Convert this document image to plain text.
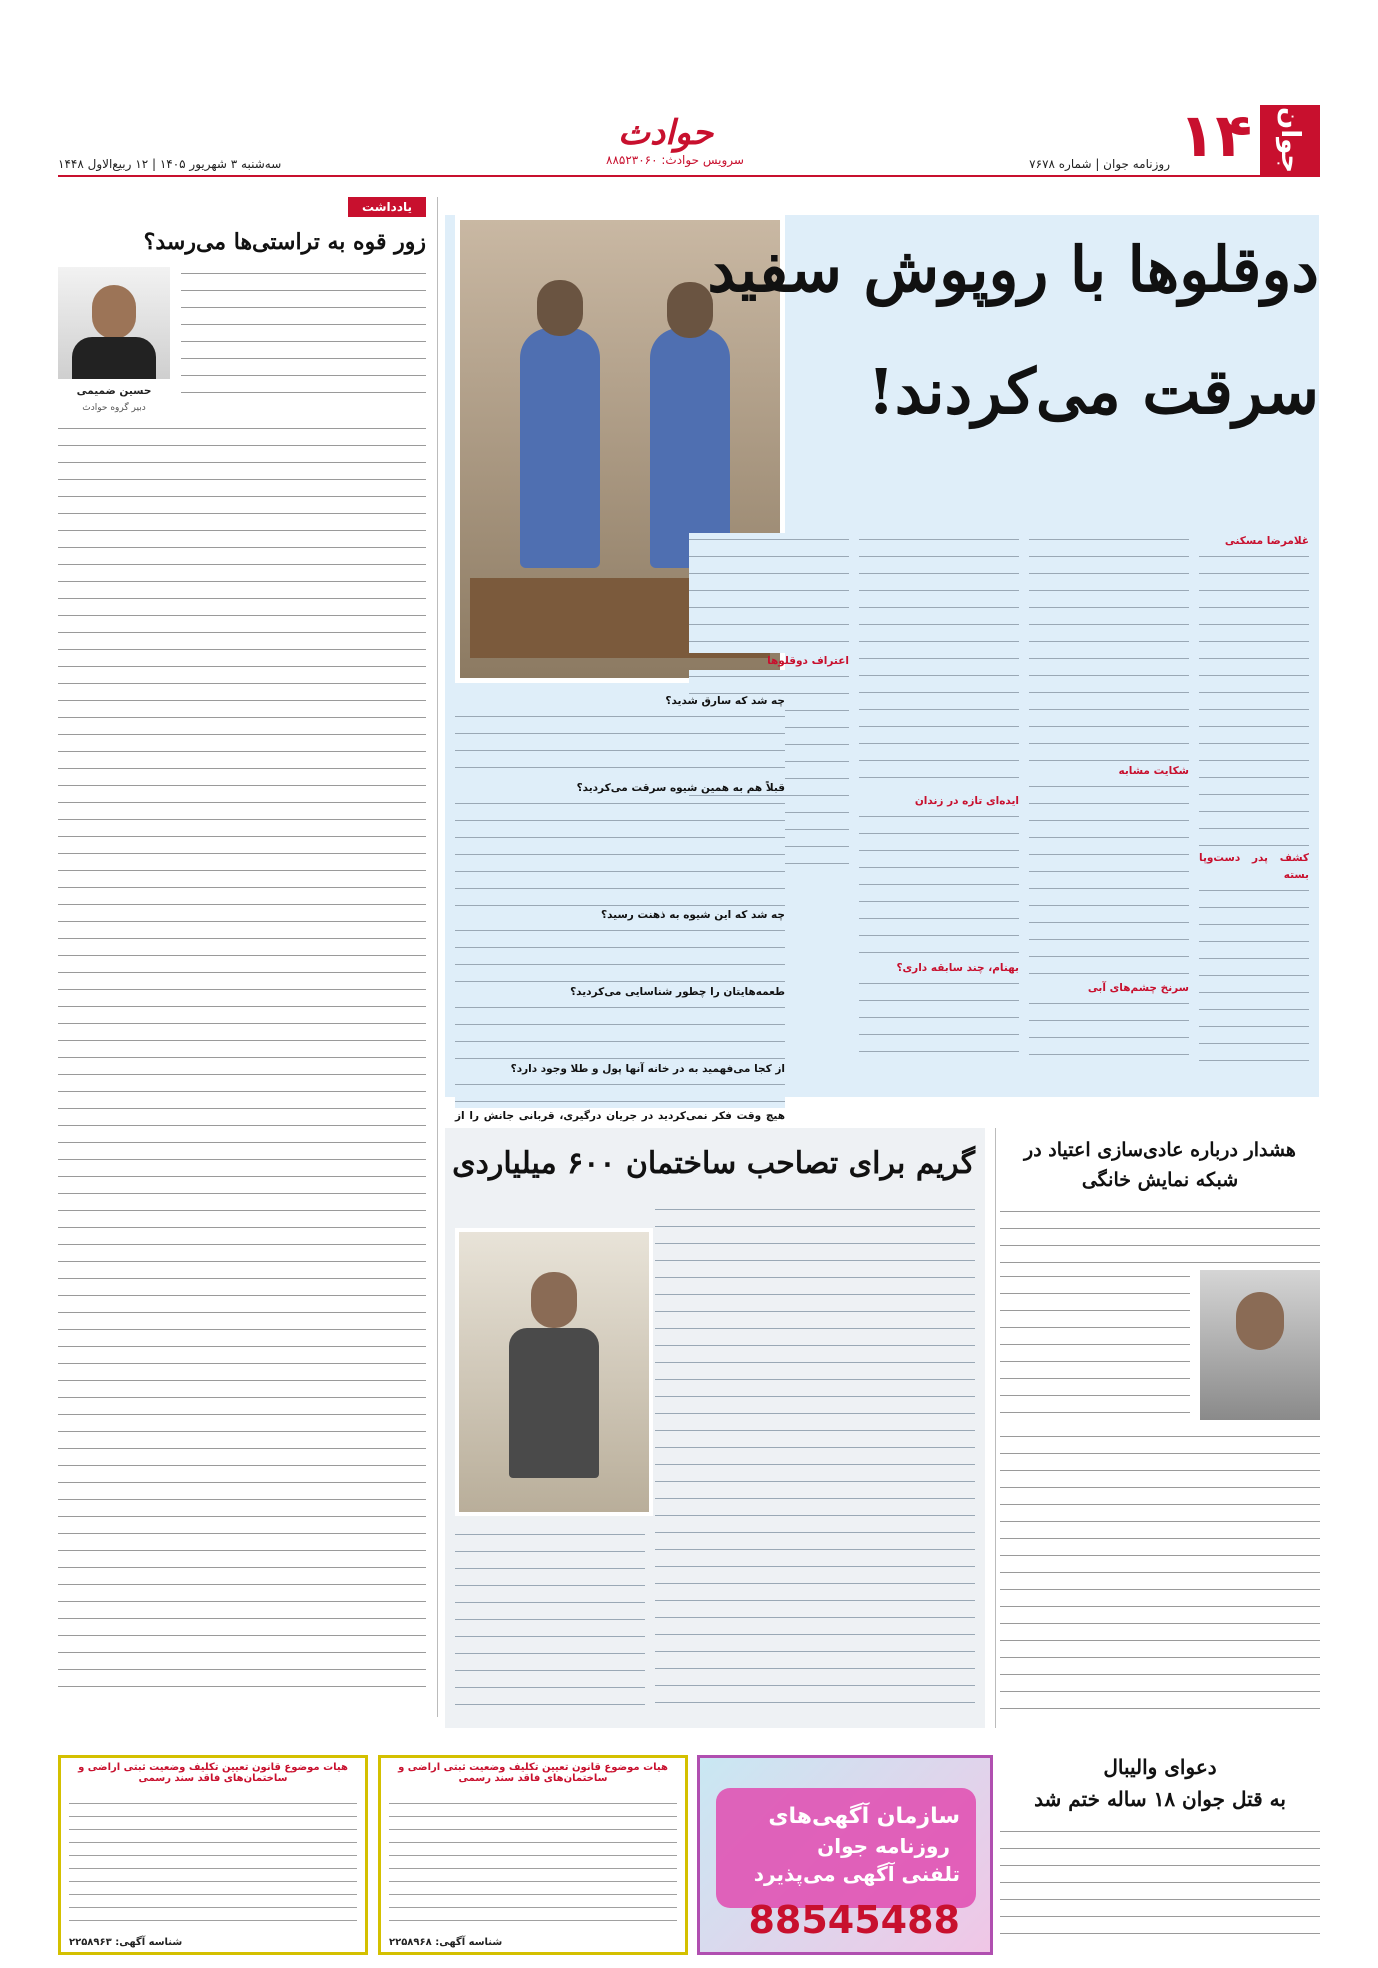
جوان
۱۴
حوادث
سرویس حوادث: ۸۸۵۲۳۰۶۰	روزنامه جوان | شماره ۷۶۷۸
سه‌شنبه ۳ شهریور ۱۴۰۵ | ۱۲ ربیع‌الاول ۱۴۴۸
دوقلوها با روپوش سفید
سرقت می‌کردند!
غلامرضا مسکنی
کشف پدر دست‌و‌پا بسته
شکایت مشابه
سرنخ چشم‌های آبی
ایده‌ای تازه در زندان
بهنام، چند سابقه داری؟
اعتراف دوقلوها
چه شد که سارق شدید؟
قبلاً هم به همین شیوه سرقت می‌کردید؟
چه شد که این شیوه به ذهنت رسید؟
طعمه‌هایتان را چطور شناسایی می‌کردید؟
از کجا می‌فهمید به در خانه آنها پول و طلا وجود دارد؟
هیچ وقت فکر نمی‌کردید در جریان درگیری، قربانی جانش را از
یادداشت
زور قوه به تراستی‌ها می‌رسد؟
حسین ضمیمی
دبیر گروه حوادث
هشدار درباره عادی‌سازی اعتیاد در شبکه نمایش خانگی
گریم برای تصاحب ساختمان ۶۰۰ میلیاردی
دعوای والیبال
به قتل جوان ۱۸ ساله ختم شد
هیات موضوع قانون تعیین تکلیف وضعیت ثبتی اراضی و ساختمان‌های فاقد سند رسمی
شناسه آگهی: ۲۲۵۸۹۶۳
هیات موضوع قانون تعیین تکلیف وضعیت ثبتی اراضی و ساختمان‌های فاقد سند رسمی
شناسه آگهی: ۲۲۵۸۹۶۸
سازمان آگهی‌های
روزنامه جوان
تلفنی آگهی می‌پذیرد
88545488
